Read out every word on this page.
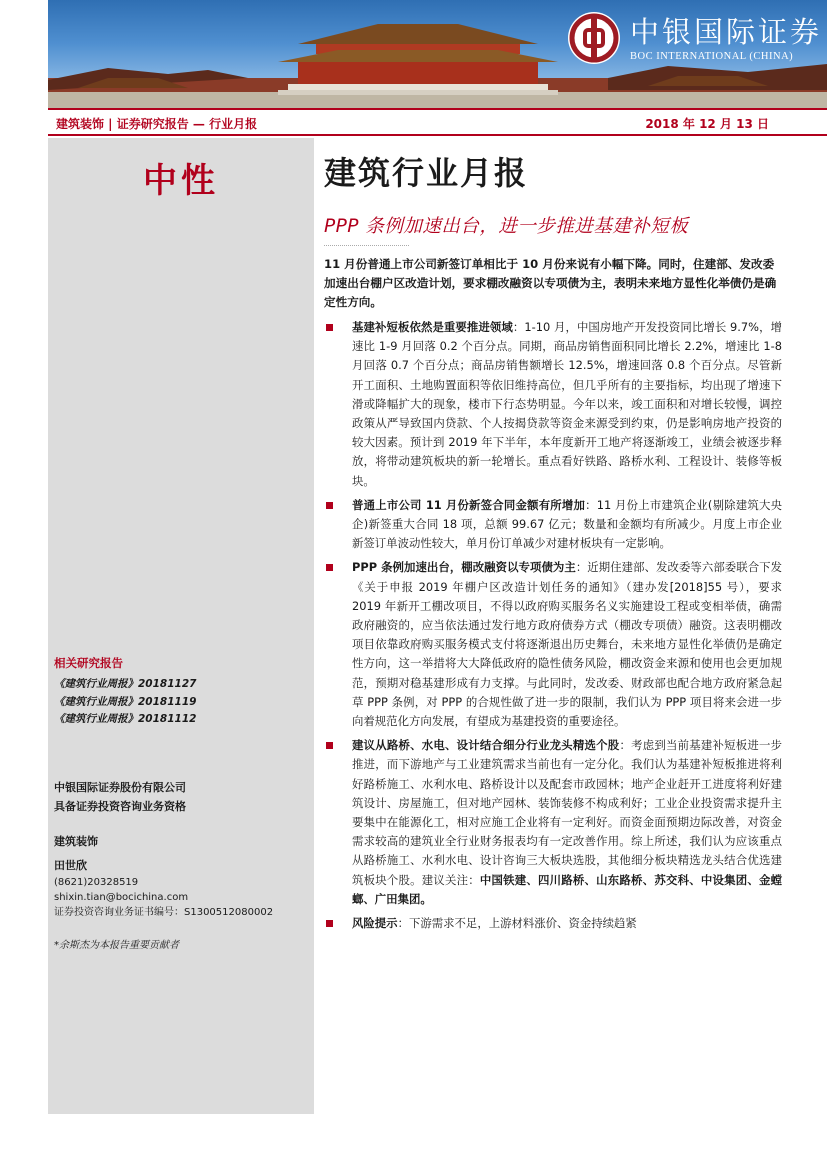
中银国际证券
BOC INTERNATIONAL (CHINA)
建筑装饰 | 证券研究报告 — 行业月报	2018 年 12 月 13 日
中性
相关研究报告
《建筑行业周报》20181127
《建筑行业周报》20181119
《建筑行业周报》20181112
中银国际证券股份有限公司
具备证券投资咨询业务资格
建筑装饰
田世欣
(8621)20328519
shixin.tian@bocichina.com
证券投资咨询业务证书编号：S1300512080002
*余斯杰为本报告重要贡献者
建筑行业月报
PPP 条例加速出台，进一步推进基建补短板
11 月份普通上市公司新签订单相比于 10 月份来说有小幅下降。同时，住建部、发改委加速出台棚户区改造计划，要求棚改融资以专项债为主，表明未来地方显性化举债仍是确定性方向。
基建补短板依然是重要推进领域：1-10 月，中国房地产开发投资同比增长 9.7%，增速比 1-9 月回落 0.2 个百分点。同期，商品房销售面积同比增长 2.2%，增速比 1-8 月回落 0.7 个百分点；商品房销售额增长 12.5%，增速回落 0.8 个百分点。尽管新开工面积、土地购置面积等依旧维持高位，但几乎所有的主要指标，均出现了增速下滑或降幅扩大的现象，楼市下行态势明显。今年以来，竣工面积和对增长较慢，调控政策从严导致国内贷款、个人按揭贷款等资金来源受到约束，仍是影响房地产投资的较大因素。预计到 2019 年下半年，本年度新开工地产将逐渐竣工，业绩会被逐步释放，将带动建筑板块的新一轮增长。重点看好铁路、路桥水利、工程设计、装修等板块。
普通上市公司 11 月份新签合同金额有所增加：11 月份上市建筑企业(剔除建筑大央企)新签重大合同 18 项，总额 99.67 亿元；数量和金额均有所减少。月度上市企业新签订单波动性较大，单月份订单减少对建材板块有一定影响。
PPP 条例加速出台，棚改融资以专项债为主：近期住建部、发改委等六部委联合下发《关于申报 2019 年棚户区改造计划任务的通知》（建办发[2018]55 号），要求 2019 年新开工棚改项目，不得以政府购买服务名义实施建设工程或变相举债，确需政府融资的，应当依法通过发行地方政府债券方式（棚改专项债）融资。这表明棚改项目依靠政府购买服务模式支付将逐渐退出历史舞台，未来地方显性化举债仍是确定性方向，这一举措将大大降低政府的隐性债务风险，棚改资金来源和使用也会更加规范，预期对稳基建形成有力支撑。与此同时，发改委、财政部也配合地方政府紧急起草 PPP 条例，对 PPP 的合规性做了进一步的限制，我们认为 PPP 项目将来会进一步向着规范化方向发展，有望成为基建投资的重要途径。
建议从路桥、水电、设计结合细分行业龙头精选个股：考虑到当前基建补短板进一步推进，而下游地产与工业建筑需求当前也有一定分化。我们认为基建补短板推进将利好路桥施工、水利水电、路桥设计以及配套市政园林；地产企业赶开工进度将利好建筑设计、房屋施工，但对地产园林、装饰装修不构成利好；工业企业投资需求提升主要集中在能源化工，相对应施工企业将有一定利好。而资金面预期边际改善，对资金需求较高的建筑业全行业财务报表均有一定改善作用。综上所述，我们认为应该重点从路桥施工、水利水电、设计咨询三大板块选股，其他细分板块精选龙头结合优选建筑板块个股。建议关注：中国铁建、四川路桥、山东路桥、苏交科、中设集团、金螳螂、广田集团。
风险提示：下游需求不足，上游材料涨价、资金持续趋紧
